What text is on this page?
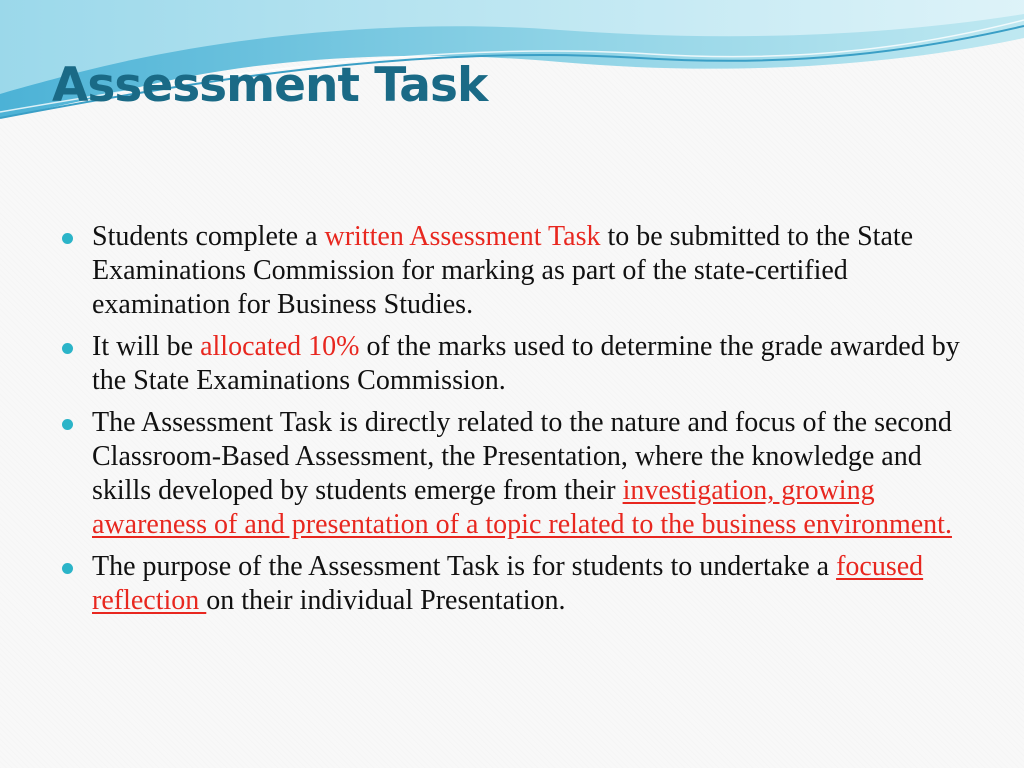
Assessment Task
Students complete a written Assessment Task to be submitted to the State Examinations Commission for marking as part of the state-certified examination for Business Studies.
It will be allocated 10% of the marks used to determine the grade awarded by the State Examinations Commission.
The Assessment Task is directly related to the nature and focus of the second Classroom-Based Assessment, the Presentation, where the knowledge and skills developed by students emerge from their investigation, growing awareness of and presentation of a topic related to the business environment.
The purpose of the Assessment Task is for students to undertake a focused reflection on their individual Presentation.
